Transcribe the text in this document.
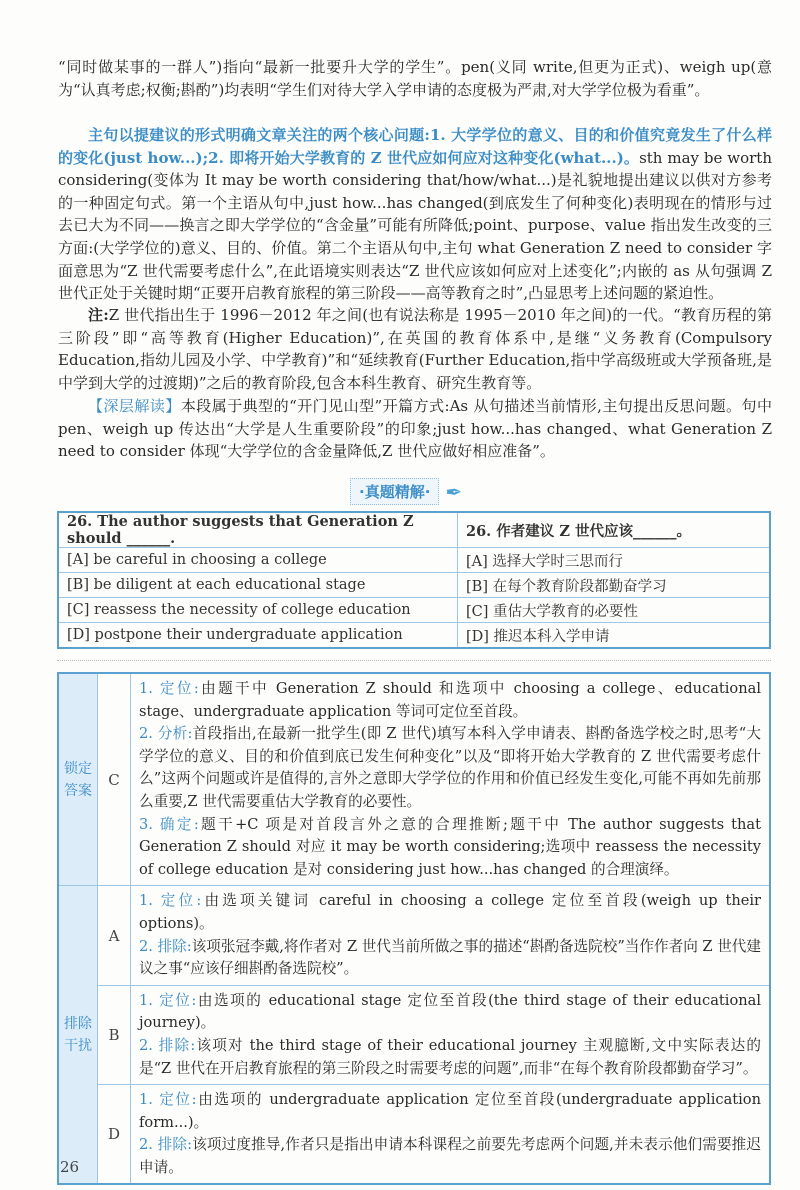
“同时做某事的一群人”)指向“最新一批要升大学的学生”。pen(义同 write,但更为正式)、weigh up(意为“认真考虑;权衡;斟酌”)均表明“学生们对待大学入学申请的态度极为严肃,对大学学位极为看重”。

主句以提建议的形式明确文章关注的两个核心问题:1. 大学学位的意义、目的和价值究竟发生了什么样的变化(just how...);2. 即将开始大学教育的 Z 世代应如何应对这种变化(what...)。sth may be worth considering(变体为 It may be worth considering that/how/what...)是礼貌地提出建议以供对方参考的一种固定句式。第一个主语从句中,just how...has changed(到底发生了何种变化)表明现在的情形与过去已大为不同——换言之即大学学位的“含金量”可能有所降低;point、purpose、value 指出发生改变的三方面:(大学学位的)意义、目的、价值。第二个主语从句中,主句 what Generation Z need to consider 字面意思为“Z 世代需要考虑什么”,在此语境实则表达“Z 世代应该如何应对上述变化”;内嵌的 as 从句强调 Z 世代正处于关键时期“正要开启教育旅程的第三阶段——高等教育之时”,凸显思考上述问题的紧迫性。

注:Z 世代指出生于 1996－2012 年之间(也有说法称是 1995－2010 年之间)的一代。“教育历程的第三阶段”即“高等教育(Higher Education)”,在英国的教育体系中,是继“义务教育(Compulsory Education,指幼儿园及小学、中学教育)”和“延续教育(Further Education,指中学高级班或大学预备班,是中学到大学的过渡期)”之后的教育阶段,包含本科生教育、研究生教育等。

【深层解读】本段属于典型的“开门见山型”开篇方式:As 从句描述当前情形,主句提出反思问题。句中 pen、weigh up 传达出“大学是人生重要阶段”的印象;just how...has changed、what Generation Z need to consider 体现“大学学位的含金量降低,Z 世代应做好相应准备”。

·真题精解· ✒
26. The author suggests that Generation Z should ______.	26. 作者建议 Z 世代应该______。
[A] be careful in choosing a college	[A] 选择大学时三思而行
[B] be diligent at each educational stage	[B] 在每个教育阶段都勤奋学习
[C] reassess the necessity of college education	[C] 重估大学教育的必要性
[D] postpone their undergraduate application	[D] 推迟本科入学申请
锁定答案	C	1. 定位:由题干中 Generation Z should 和选项中 choosing a college、educational stage、undergraduate application 等词可定位至首段。
2. 分析:首段指出,在最新一批学生(即 Z 世代)填写本科入学申请表、斟酌备选学校之时,思考“大学学位的意义、目的和价值到底已发生何种变化”以及“即将开始大学教育的 Z 世代需要考虑什么”这两个问题或许是值得的,言外之意即大学学位的作用和价值已经发生变化,可能不再如先前那么重要,Z 世代需要重估大学教育的必要性。
3. 确定:题干+C 项是对首段言外之意的合理推断;题干中 The author suggests that Generation Z should 对应 it may be worth considering;选项中 reassess the necessity of college education 是对 considering just how...has changed 的合理演绎。

排除干扰	A	1. 定位:由选项关键词 careful in choosing a college 定位至首段(weigh up their options)。
2. 排除:该项张冠李戴,将作者对 Z 世代当前所做之事的描述“斟酌备选院校”当作作者向 Z 世代建议之事“应该仔细斟酌备选院校”。

	B	1. 定位:由选项的 educational stage 定位至首段(the third stage of their educational journey)。
2. 排除:该项对 the third stage of their educational journey 主观臆断,文中实际表达的是“Z 世代在开启教育旅程的第三阶段之时需要考虑的问题”,而非“在每个教育阶段都勤奋学习”。

	D	1. 定位:由选项的 undergraduate application 定位至首段(undergraduate application form...)。
2. 排除:该项过度推导,作者只是指出申请本科课程之前要先考虑两个问题,并未表示他们需要推迟申请。
26
